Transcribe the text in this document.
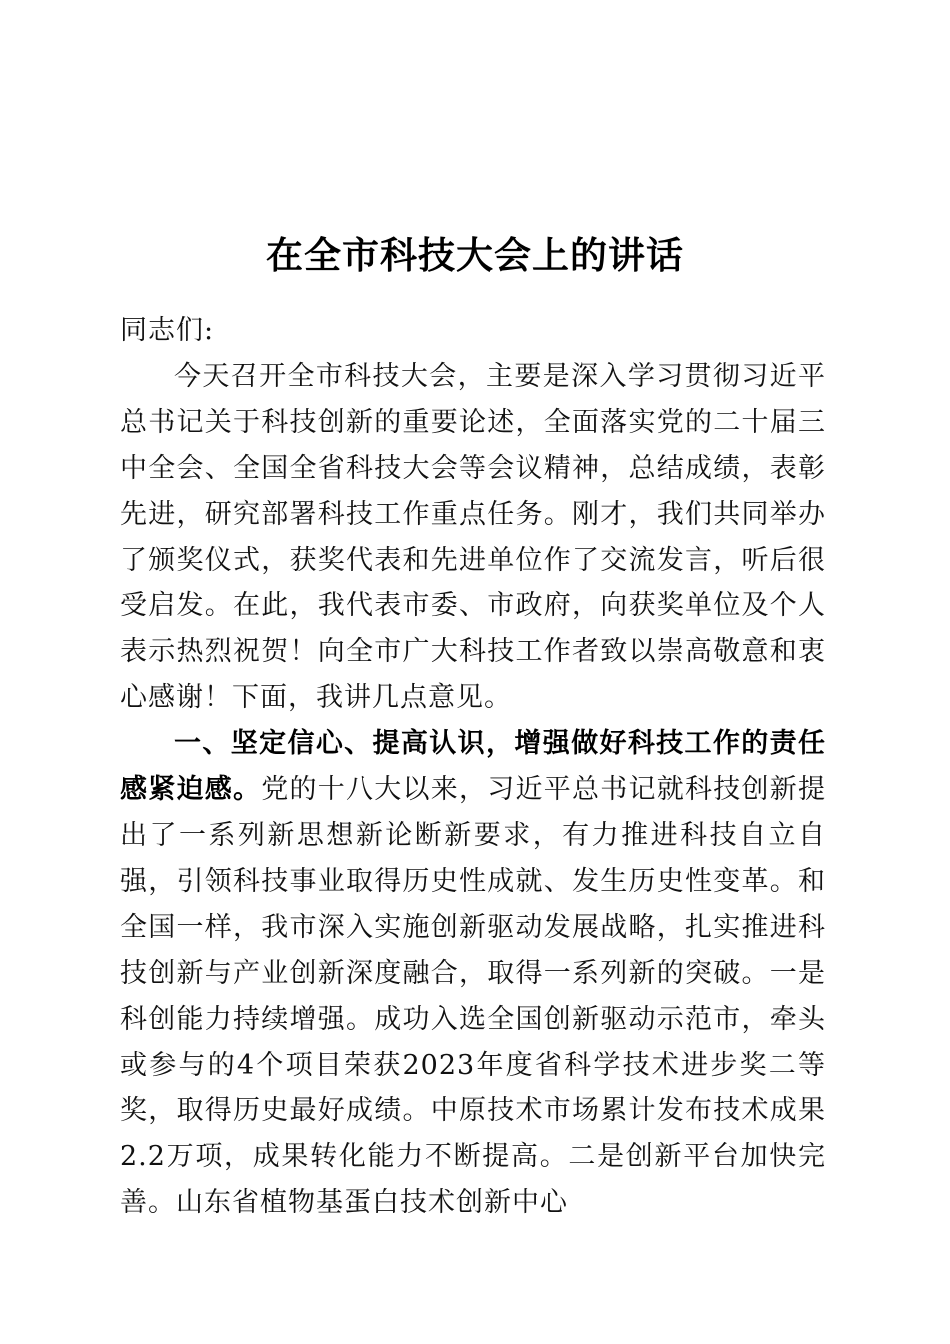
在全市科技大会上的讲话

同志们:

今天召开全市科技大会，主要是深入学习贯彻习近平总书记关于科技创新的重要论述，全面落实党的二十届三中全会、全国全省科技大会等会议精神，总结成绩，表彰先进，研究部署科技工作重点任务。刚才，我们共同举办了颁奖仪式，获奖代表和先进单位作了交流发言，听后很受启发。在此，我代表市委、市政府，向获奖单位及个人表示热烈祝贺！向全市广大科技工作者致以崇高敬意和衷心感谢！下面，我讲几点意见。

一、坚定信心、提高认识，增强做好科技工作的责任感紧迫感。党的十八大以来，习近平总书记就科技创新提出了一系列新思想新论断新要求，有力推进科技自立自强，引领科技事业取得历史性成就、发生历史性变革。和全国一样，我市深入实施创新驱动发展战略，扎实推进科技创新与产业创新深度融合，取得一系列新的突破。一是科创能力持续增强。成功入选全国创新驱动示范市，牵头或参与的4个项目荣获2023年度省科学技术进步奖二等奖，取得历史最好成绩。中原技术市场累计发布技术成果2.2万项，成果转化能力不断提高。二是创新平台加快完善。山东省植物基蛋白技术创新中心
